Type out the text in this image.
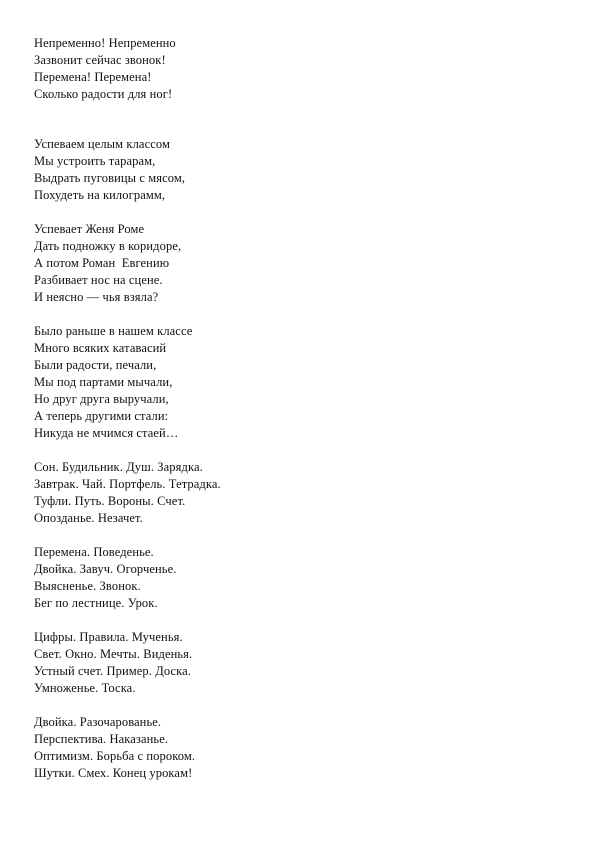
Непременно! Непременно
Зазвонит сейчас звонок!
Перемена! Перемена!
Сколько радости для ног!
Успеваем целым классом
Мы устроить тарарам,
Выдрать пуговицы с мясом,
Похудеть на килограмм,
Успевает Женя Роме
Дать подножку в коридоре,
А потом Роман  Евгению
Разбивает нос на сцене.
И неясно — чья взяла?
Было раньше в нашем классе
Много всяких катавасий
Были радости, печали,
Мы под партами мычали,
Но друг друга выручали,
А теперь другими стали:
Никуда не мчимся стаей…
Сон. Будильник. Душ. Зарядка.
Завтрак. Чай. Портфель. Тетрадка.
Туфли. Путь. Вороны. Счет.
Опозданье. Незачет.
Перемена. Поведенье.
Двойка. Завуч. Огорченье.
Выясненье. Звонок.
Бег по лестнице. Урок.
Цифры. Правила. Мученья.
Свет. Окно. Мечты. Виденья.
Устный счет. Пример. Доска.
Умноженье. Тоска.
Двойка. Разочарованье.
Перспектива. Наказанье.
Оптимизм. Борьба с пороком.
Шутки. Смех. Конец урокам!
